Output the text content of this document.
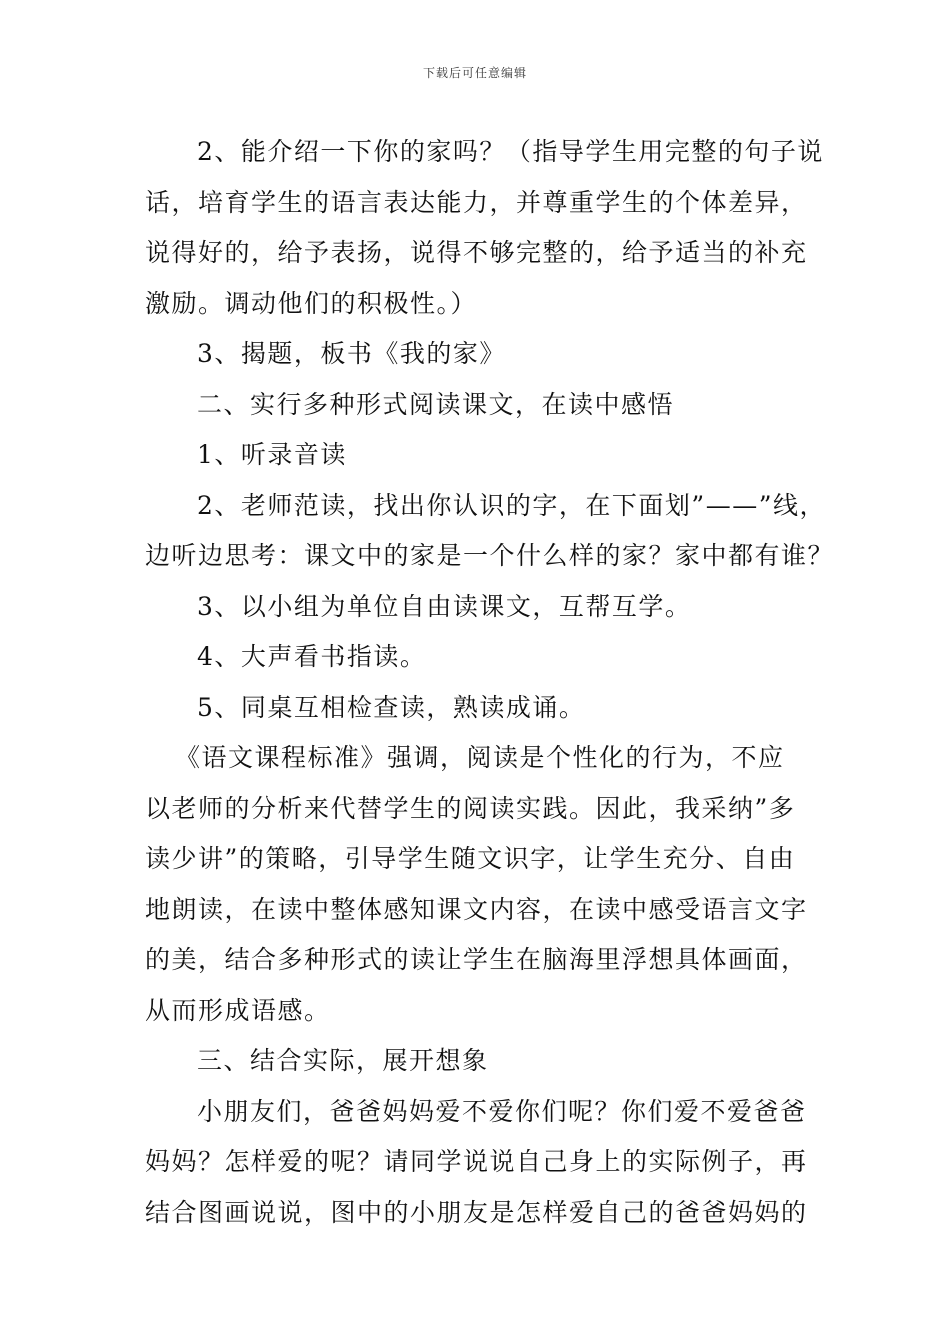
下载后可任意编辑
2、能介绍一下你的家吗？（指导学生用完整的句子说
话，培育学生的语言表达能力，并尊重学生的个体差异，
说得好的，给予表扬，说得不够完整的，给予适当的补充
激励。调动他们的积极性。）
3、揭题，板书《我的家》
二、实行多种形式阅读课文，在读中感悟
1、听录音读
2、老师范读，找出你认识的字，在下面划”——”线，
边听边思考：课文中的家是一个什么样的家？家中都有谁？
3、以小组为单位自由读课文，互帮互学。
4、大声看书指读。
5、同桌互相检查读，熟读成诵。
《语文课程标准》强调，阅读是个性化的行为，不应
以老师的分析来代替学生的阅读实践。因此，我采纳”多
读少讲”的策略，引导学生随文识字，让学生充分、自由
地朗读，在读中整体感知课文内容，在读中感受语言文字
的美，结合多种形式的读让学生在脑海里浮想具体画面，
从而形成语感。
三、结合实际，展开想象
小朋友们，爸爸妈妈爱不爱你们呢？你们爱不爱爸爸
妈妈？怎样爱的呢？请同学说说自己身上的实际例子，再
结合图画说说，图中的小朋友是怎样爱自己的爸爸妈妈的
